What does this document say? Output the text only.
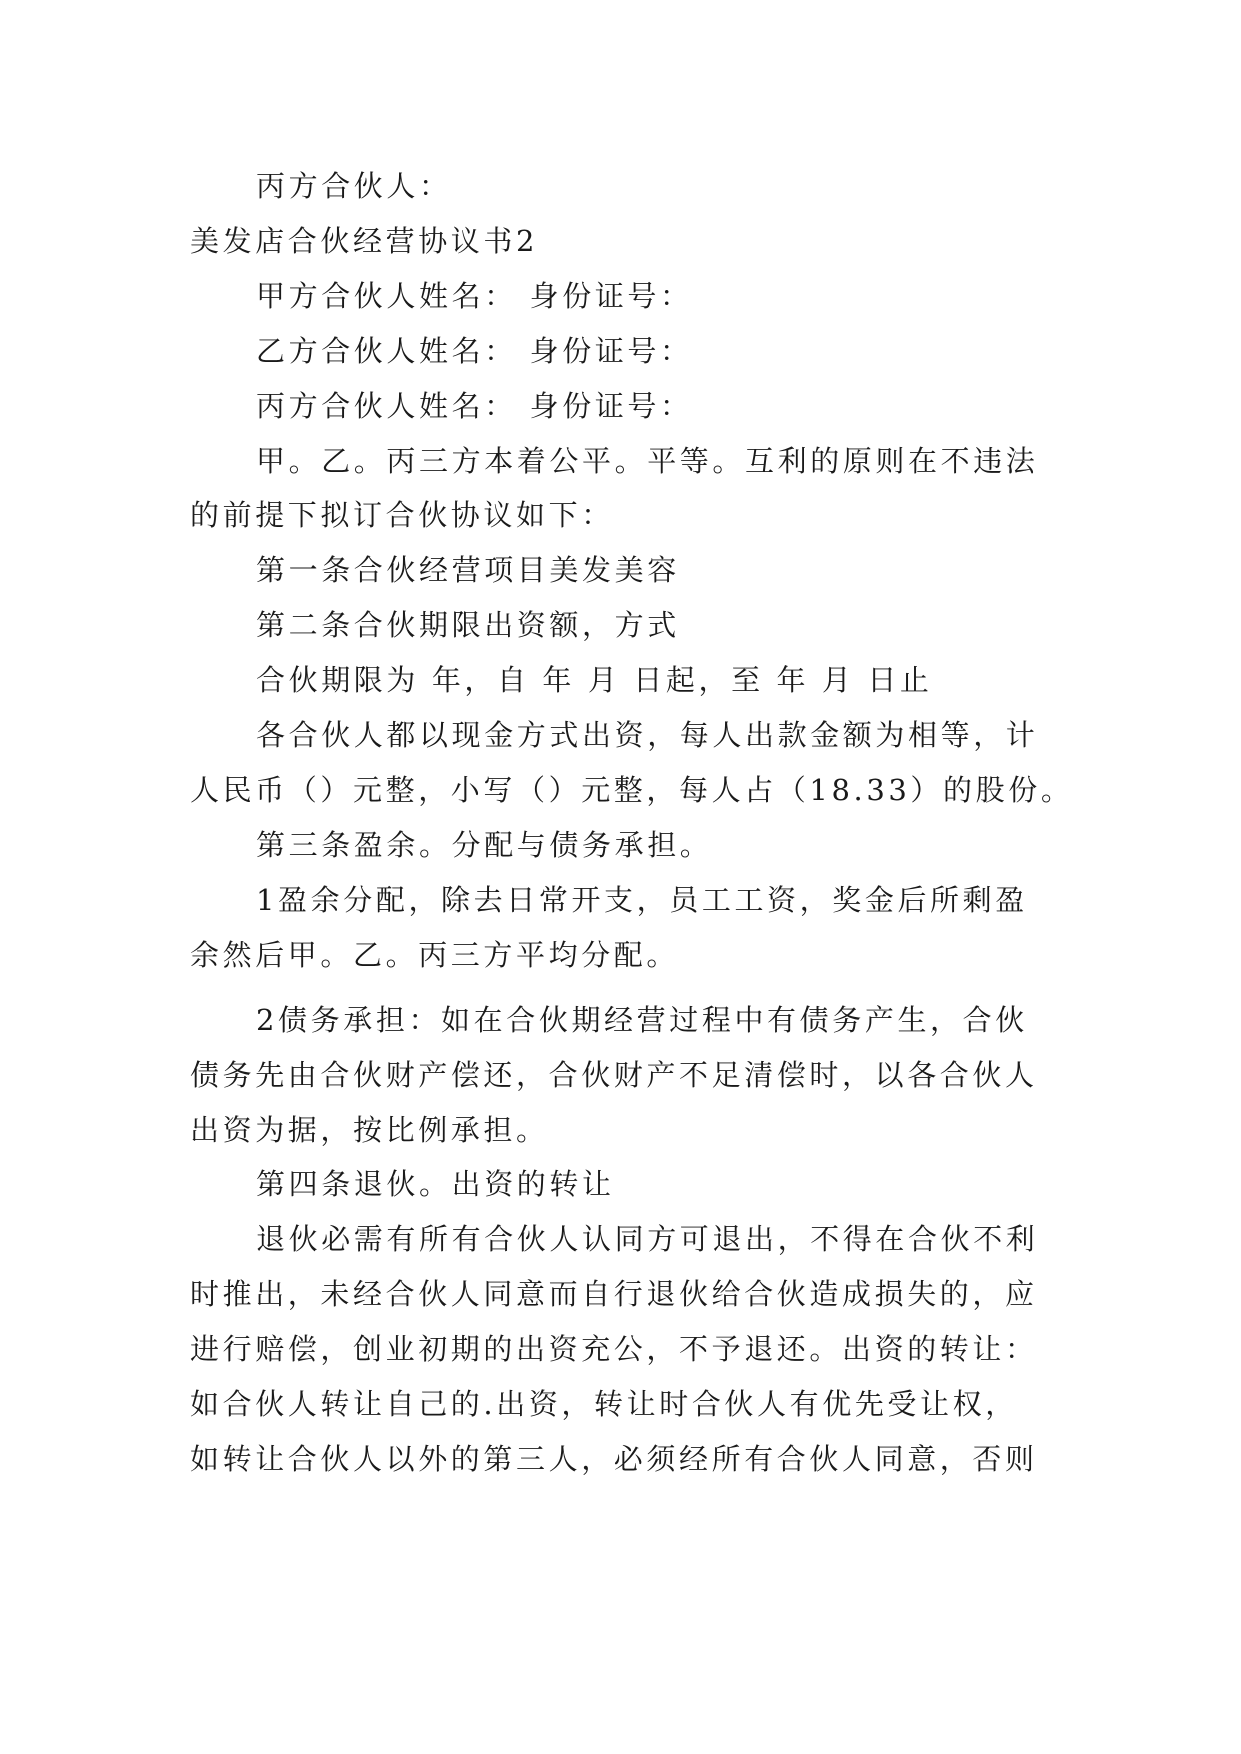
丙方合伙人：
美发店合伙经营协议书2
甲方合伙人姓名： 身份证号：
乙方合伙人姓名： 身份证号：
丙方合伙人姓名： 身份证号：
甲。乙。丙三方本着公平。平等。互利的原则在不违法
的前提下拟订合伙协议如下：
第一条合伙经营项目美发美容
第二条合伙期限出资额，方式
合伙期限为 年，自 年 月 日起，至 年 月 日止
各合伙人都以现金方式出资，每人出款金额为相等，计
人民币（）元整，小写（）元整，每人占（18.33）的股份。
第三条盈余。分配与债务承担。
1盈余分配，除去日常开支，员工工资，奖金后所剩盈
余然后甲。乙。丙三方平均分配。
2债务承担：如在合伙期经营过程中有债务产生，合伙
债务先由合伙财产偿还，合伙财产不足清偿时，以各合伙人
出资为据，按比例承担。
第四条退伙。出资的转让
退伙必需有所有合伙人认同方可退出，不得在合伙不利
时推出，未经合伙人同意而自行退伙给合伙造成损失的，应
进行赔偿，创业初期的出资充公，不予退还。出资的转让：
如合伙人转让自己的.出资，转让时合伙人有优先受让权，
如转让合伙人以外的第三人，必须经所有合伙人同意，否则
